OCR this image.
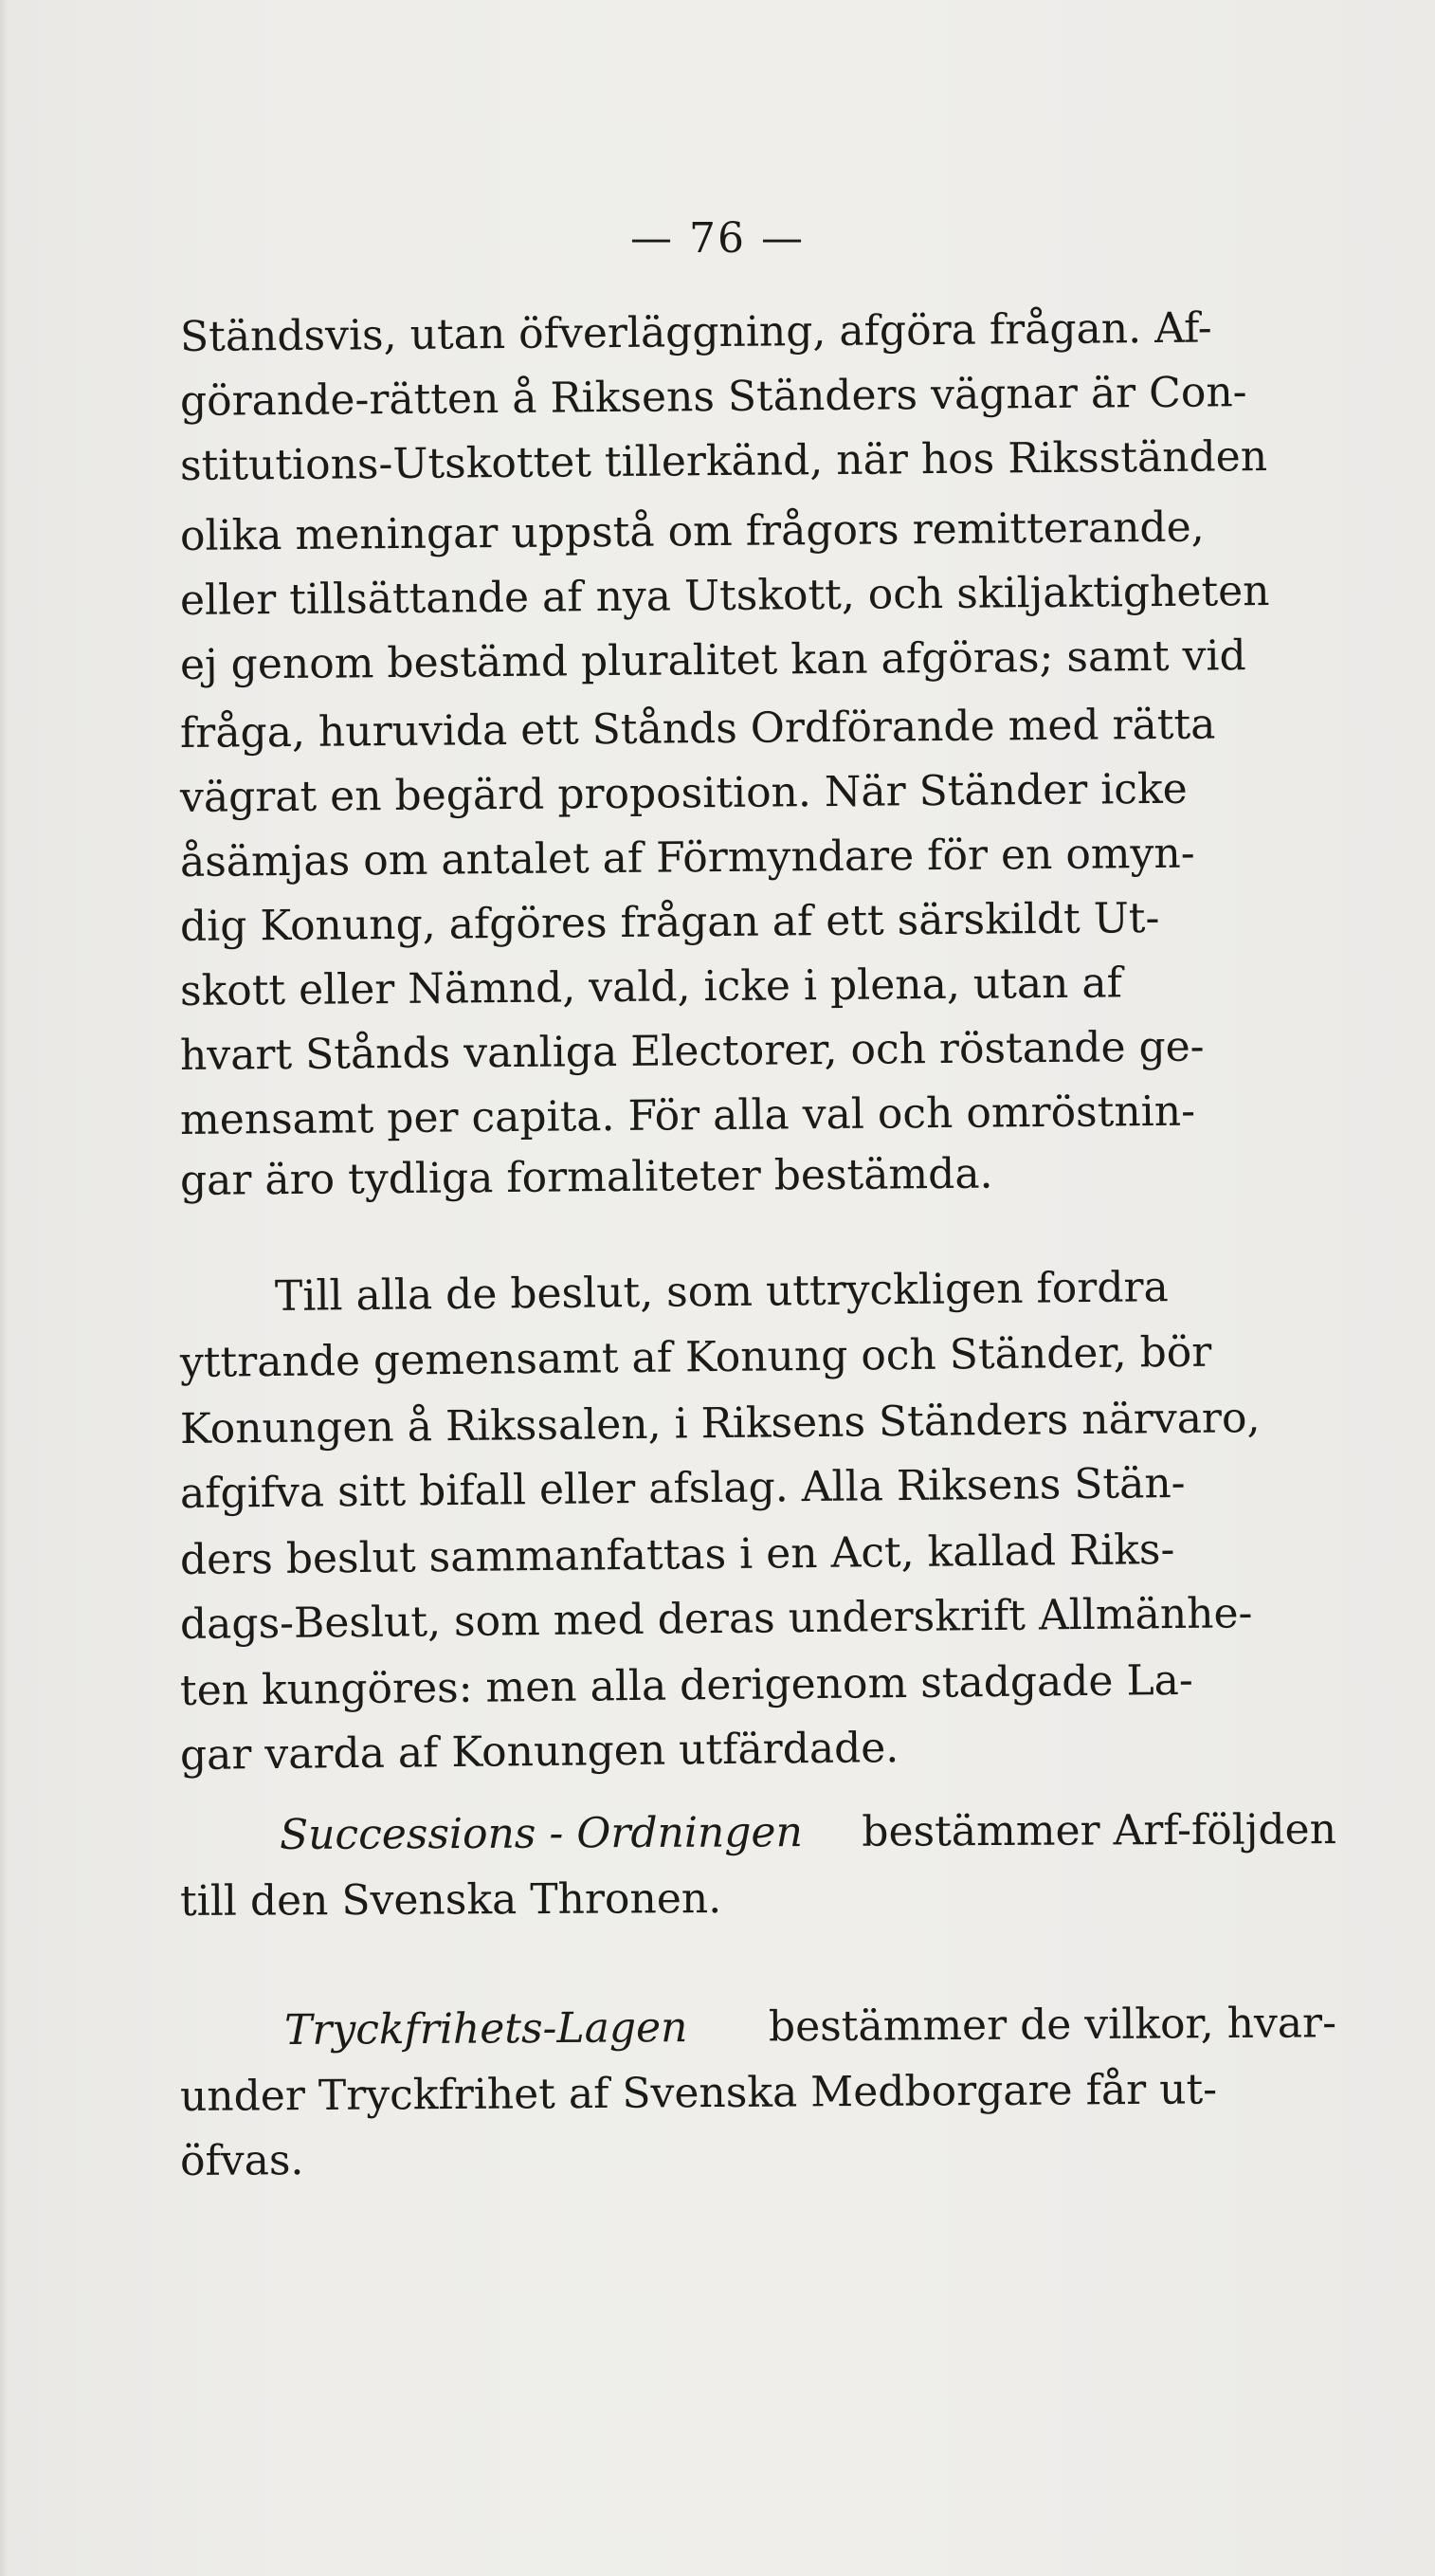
— 76 —
Ständsvis, utan öfverläggning, afgöra frågan. Af-
görande-rätten å Riksens Ständers vägnar är Con-
stitutions-Utskottet tillerkänd, när hos Riksständen
olika meningar uppstå om frågors remitterande,
eller tillsättande af nya Utskott, och skiljaktigheten
ej genom bestämd pluralitet kan afgöras; samt vid
fråga, huruvida ett Stånds Ordförande med rätta
vägrat en begärd proposition. När Ständer icke
åsämjas om antalet af Förmyndare för en omyn-
dig Konung, afgöres frågan af ett särskildt Ut-
skott eller Nämnd, vald, icke i plena, utan af
hvart Stånds vanliga Electorer, och röstande ge-
mensamt per capita. För alla val och omröstnin-
gar äro tydliga formaliteter bestämda.
Till alla de beslut, som uttryckligen fordra
yttrande gemensamt af Konung och Ständer, bör
Konungen å Rikssalen, i Riksens Ständers närvaro,
afgifva sitt bifall eller afslag. Alla Riksens Stän-
ders beslut sammanfattas i en Act, kallad Riks-
dags-Beslut, som med deras underskrift Allmänhe-
ten kungöres: men alla derigenom stadgade La-
gar varda af Konungen utfärdade.
Successions - Ordningen bestämmer Arf-följden
till den Svenska Thronen.
Tryckfrihets-Lagen bestämmer de vilkor, hvar-
under Tryckfrihet af Svenska Medborgare får ut-
öfvas.
